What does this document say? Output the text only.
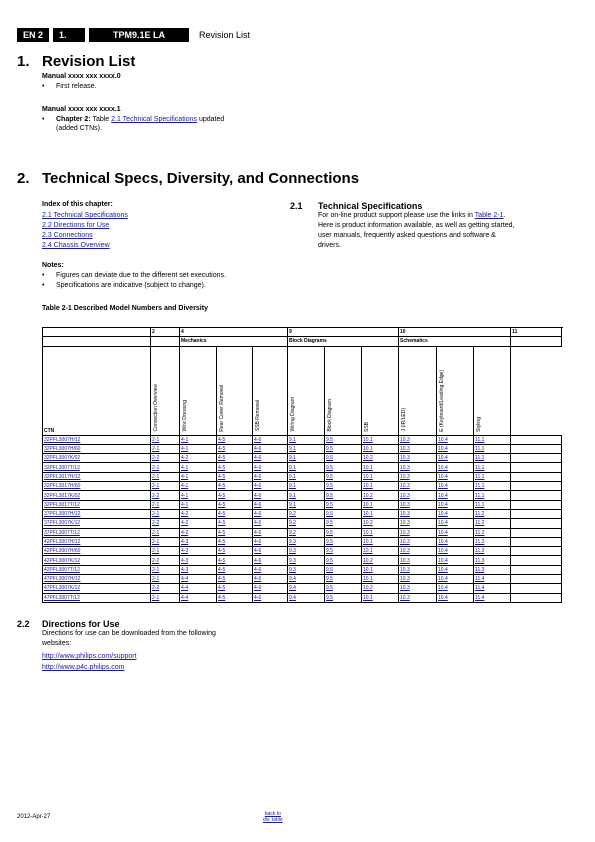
EN 2	1.	TPM9.1E LA	Revision List
1. Revision List
Manual xxxx xxx xxxx.0
• First release.
Manual xxxx xxx xxxx.1
• Chapter 2: Table 2.1 Technical Specifications updated
(added CTNs).
2. Technical Specs, Diversity, and Connections
Index of this chapter:
2.1 Technical Specifications
2.2 Directions for Use
2.3 Connections
2.4 Chassis Overview
2.1 Technical Specifications
For on-line product support please use the links in Table 2-1.
Here is product information available, as well as getting started,
user manuals, frequently asked questions and software &
drivers.
Notes:
• Figures can deviate due to the different set executions.
• Specifications are indicative (subject to change).
Table 2-1 Described Model Numbers and Diversity
	2	4			9			10			11	
		Mechanics			Block Diagrams			Schematics				
CTN	Connection Overview	Wire Dressing	Rear Cover Removal	SSB Removal	Wiring Diagram	Block Diagram	SSB	J (IR/LED)	E (Keyboard/Leading Edge)	Styling		
32PFL3007H/12	2-1	4-1	4-5	4-6	9.1	9.5	10.1	10.3	10.4	11.1		
32PFL3007H/60	2-1	4-1	4-5	4-6	9.1	9.5	10.1	10.3	10.4	11.1		
32PFL3007K/02	2-2	4-2	4-5	4-6	9.1	9.5	10.2	10.3	10.4	11.1		
32PFL3007T/12	2-1	4-1	4-5	4-6	9.1	9.5	10.1	10.3	10.4	11.1		
32PFL3017H/12	2-1	4-1	4-5	4-6	9.1	9.5	10.1	10.3	10.4	11.1		
32PFL3017H/60	2-1	4-1	4-5	4-6	9.1	9.5	10.1	10.3	10.4	11.1		
32PFL3017K/02	2-2	4-1	4-5	4-6	9.1	9.5	10.2	10.3	10.4	11.1		
32PFL3017T/12	2-1	4-1	4-5	4-6	9.1	9.5	10.1	10.3	10.4	11.1		
37PFL3007H/12	2-1	4-2	4-5	4-6	9.2	9.5	10.1	10.3	10.4	11.2		
37PFL3007K/12	2-2	4-2	4-5	4-6	9.2	9.5	10.2	10.3	10.4	11.2		
37PFL3007T/12	2-1	4-2	4-5	4-6	9.2	9.5	10.1	10.3	10.4	11.2		
42PFL3007H/12	2-1	4-3	4-5	4-6	9.3	9.5	10.1	10.3	10.4	11.3		
42PFL3007H/60	2-1	4-3	4-5	4-6	9.3	9.5	10.1	10.3	10.4	11.3		
42PFL3007K/12	2-2	4-3	4-5	4-6	9.3	9.5	10.2	10.3	10.4	11.3		
42PFL3007T/12	2-1	4-3	4-5	4-6	9.3	9.5	10.1	10.3	10.4	11.3		
47PFL3007H/12	2-1	4-4	4-5	4-6	9.4	9.5	10.1	10.3	10.4	11.4		
47PFL3007K/12	2-2	4-4	4-5	4-6	9.4	9.5	10.2	10.3	10.4	11.4		
47PFL3007T/12	2-1	4-4	4-5	4-6	9.4	9.5	10.1	10.3	10.4	11.4		
2.2 Directions for Use
Directions for use can be downloaded from the following
websites:
http://www.philips.com/support
http://www.p4c.philips.com
2012-Apr-27	back to
div. table
